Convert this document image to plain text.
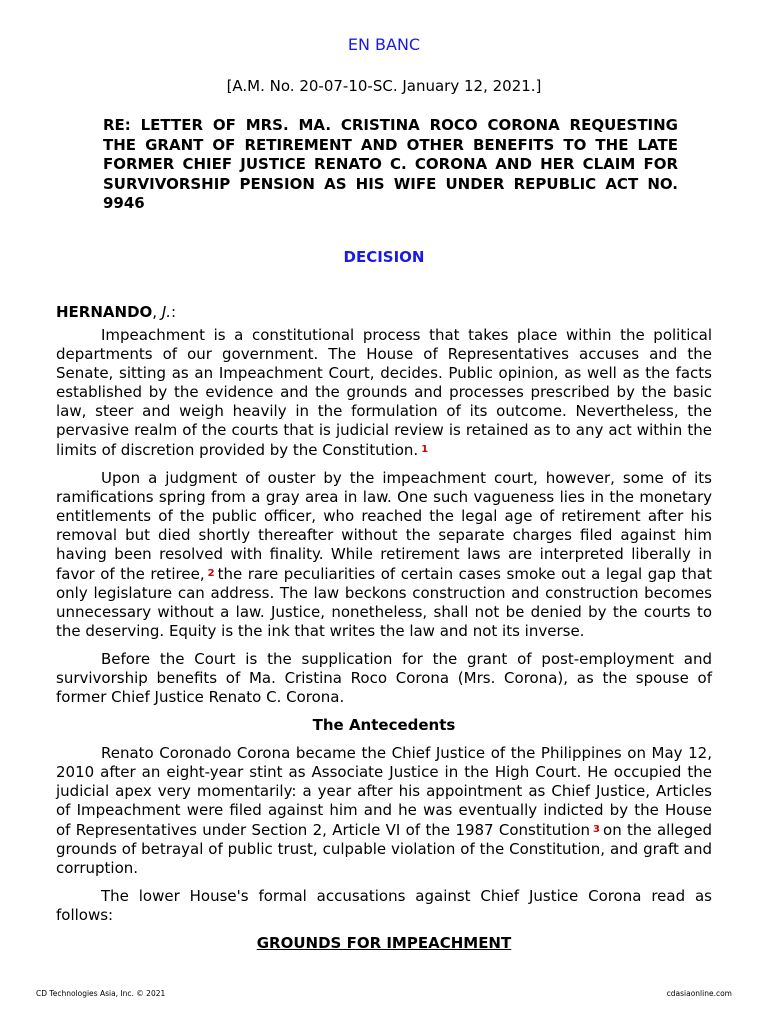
EN BANC
[A.M. No. 20-07-10-SC. January 12, 2021.]
RE: LETTER OF MRS. MA. CRISTINA ROCO CORONA REQUESTING THE GRANT OF RETIREMENT AND OTHER BENEFITS TO THE LATE FORMER CHIEF JUSTICE RENATO C. CORONA AND HER CLAIM FOR SURVIVORSHIP PENSION AS HIS WIFE UNDER REPUBLIC ACT NO. 9946
DECISION
HERNANDO, J.:

Impeachment is a constitutional process that takes place within the political departments of our government. The House of Representatives accuses and the Senate, sitting as an Impeachment Court, decides. Public opinion, as well as the facts established by the evidence and the grounds and processes prescribed by the basic law, steer and weigh heavily in the formulation of its outcome. Nevertheless, the pervasive realm of the courts that is judicial review is retained as to any act within the limits of discretion provided by the Constitution. $^1$

Upon a judgment of ouster by the impeachment court, however, some of its ramifications spring from a gray area in law. One such vagueness lies in the monetary entitlements of the public officer, who reached the legal age of retirement after his removal but died shortly thereafter without the separate charges filed against him having been resolved with finality. While retirement laws are interpreted liberally in favor of the retiree, $^2$ the rare peculiarities of certain cases smoke out a legal gap that only legislature can address. The law beckons construction and construction becomes unnecessary without a law. Justice, nonetheless, shall not be denied by the courts to the deserving. Equity is the ink that writes the law and not its inverse.

Before the Court is the supplication for the grant of post-employment and survivorship benefits of Ma. Cristina Roco Corona (Mrs. Corona), as the spouse of former Chief Justice Renato C. Corona.

The Antecedents

Renato Coronado Corona became the Chief Justice of the Philippines on May 12, 2010 after an eight-year stint as Associate Justice in the High Court. He occupied the judicial apex very momentarily: a year after his appointment as Chief Justice, Articles of Impeachment were filed against him and he was eventually indicted by the House of Representatives under Section 2, Article VI of the 1987 Constitution $^3$ on the alleged grounds of betrayal of public trust, culpable violation of the Constitution, and graft and corruption.

The lower House's formal accusations against Chief Justice Corona read as follows:

GROUNDS FOR IMPEACHMENT
CD Technologies Asia, Inc. © 2021	cdasiaonline.com
